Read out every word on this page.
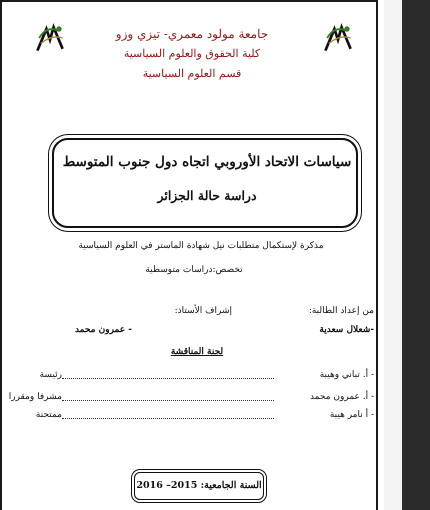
جامعة مولود معمري- تيزي وزو
كلية الحقوق والعلوم السياسية
قسم العلوم السياسية
سياسات الاتحاد الأوروبي اتجاه دول جنوب المتوسط
دراسة حالة الجزائر
مذكرة لإستكمال متطلبات نيل شهادة الماستر في العلوم السياسية
تخصص:دراسات متوسطية
من إعداد الطالبة:
إشراف الأستاذ:
-شعلال سعدية
- عمرون محمد
لجنة المناقشة
- أ. تباني وهيبة
رئيسة
- أ. عمرون محمد
مشرفا ومقررا
- أ نامر هيبة
ممتحنة
السنة الجامعية: 2015– 2016
